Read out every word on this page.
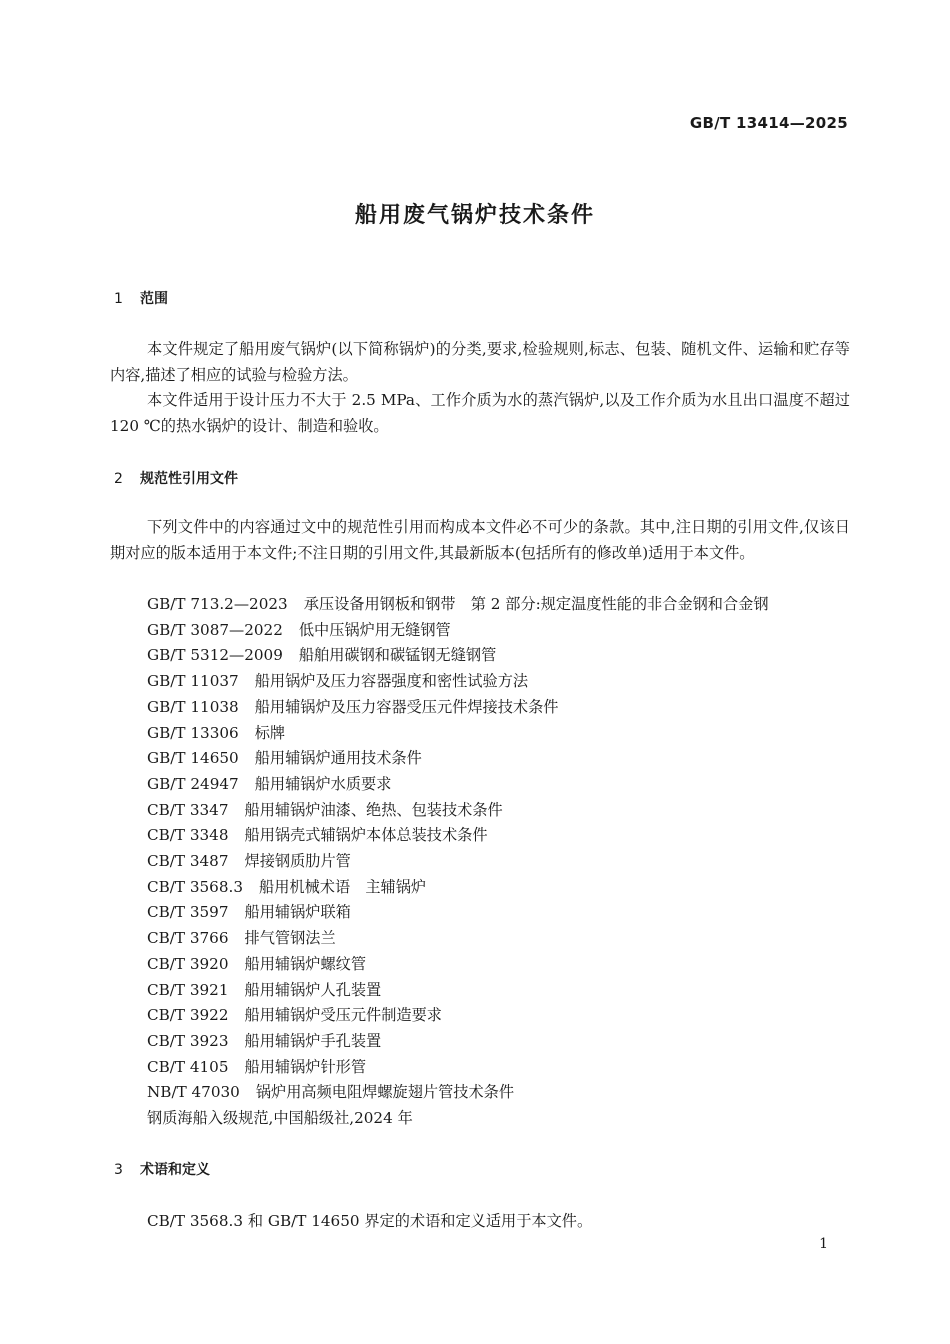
GB/T 13414—2025
船用废气锅炉技术条件
1 范围

本文件规定了船用废气锅炉(以下简称锅炉)的分类,要求,检验规则,标志、包装、随机文件、运输和贮存等内容,描述了相应的试验与检验方法。

本文件适用于设计压力不大于 2.5 MPa、工作介质为水的蒸汽锅炉,以及工作介质为水且出口温度不超过 120 ℃的热水锅炉的设计、制造和验收。

2 规范性引用文件

下列文件中的内容通过文中的规范性引用而构成本文件必不可少的条款。其中,注日期的引用文件,仅该日期对应的版本适用于本文件;不注日期的引用文件,其最新版本(包括所有的修改单)适用于本文件。

GB/T 713.2—2023 承压设备用钢板和钢带　第 2 部分:规定温度性能的非合金钢和合金钢
GB/T 3087—2022 低中压锅炉用无缝钢管
GB/T 5312—2009 船舶用碳钢和碳锰钢无缝钢管
GB/T 11037 船用锅炉及压力容器强度和密性试验方法
GB/T 11038 船用辅锅炉及压力容器受压元件焊接技术条件
GB/T 13306 标牌
GB/T 14650 船用辅锅炉通用技术条件
GB/T 24947 船用辅锅炉水质要求
CB/T 3347 船用辅锅炉油漆、绝热、包装技术条件
CB/T 3348 船用锅壳式辅锅炉本体总装技术条件
CB/T 3487 焊接钢质肋片管
CB/T 3568.3 船用机械术语　主辅锅炉
CB/T 3597 船用辅锅炉联箱
CB/T 3766 排气管钢法兰
CB/T 3920 船用辅锅炉螺纹管
CB/T 3921 船用辅锅炉人孔装置
CB/T 3922 船用辅锅炉受压元件制造要求
CB/T 3923 船用辅锅炉手孔装置
CB/T 4105 船用辅锅炉针形管
NB/T 47030 锅炉用高频电阻焊螺旋翅片管技术条件
钢质海船入级规范,中国船级社,2024 年
3 术语和定义

CB/T 3568.3 和 GB/T 14650 界定的术语和定义适用于本文件。

1
